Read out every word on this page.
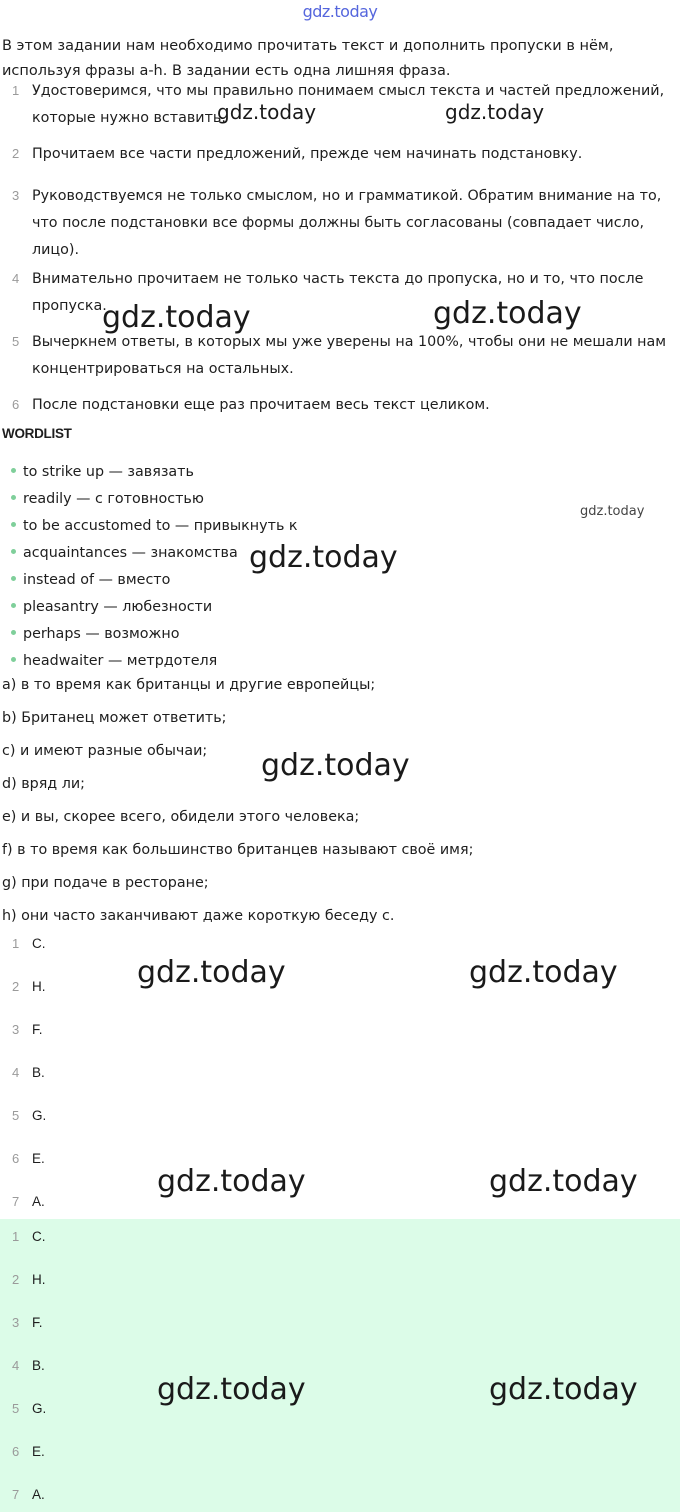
gdz.today
В этом задании нам необходимо прочитать текст и дополнить пропуски в нём, используя фразы a-h. В задании есть одна лишняя фраза.
1 Удостоверимся, что мы правильно понимаем смысл текста и частей предложений, которые нужно вставить.
2 Прочитаем все части предложений, прежде чем начинать подстановку.
3 Руководствуемся не только смыслом, но и грамматикой. Обратим внимание на то, что после подстановки все формы должны быть согласованы (совпадает число, лицо).
4 Внимательно прочитаем не только часть текста до пропуска, но и то, что после пропуска.
5 Вычеркнем ответы, в которых мы уже уверены на 100%, чтобы они не мешали нам концентрироваться на остальных.
6 После подстановки еще раз прочитаем весь текст целиком.
WORDLIST
to strike up — завязать
readily — с готовностью
to be accustomed to — привыкнуть к
acquaintances — знакомства
instead of — вместо
pleasantry — любезности
perhaps — возможно
headwaiter — метрдотеля
a) в то время как британцы и другие европейцы;
b) Британец может ответить;
c) и имеют разные обычаи;
d) вряд ли;
e) и вы, скорее всего, обидели этого человека;
f) в то время как большинство британцев называют своё имя;
g) при подаче в ресторане;
h) они часто заканчивают даже короткую беседу с.
1 C.
2 H.
3 F.
4 B.
5 G.
6 E.
7 A.
1 C.
2 H.
3 F.
4 B.
5 G.
6 E.
7 A.
gdz.today	gdz.today
gdz.today	gdz.today
gdz.today
gdz.today
gdz.today
gdz.today	gdz.today
gdz.today	gdz.today
gdz.today	gdz.today
